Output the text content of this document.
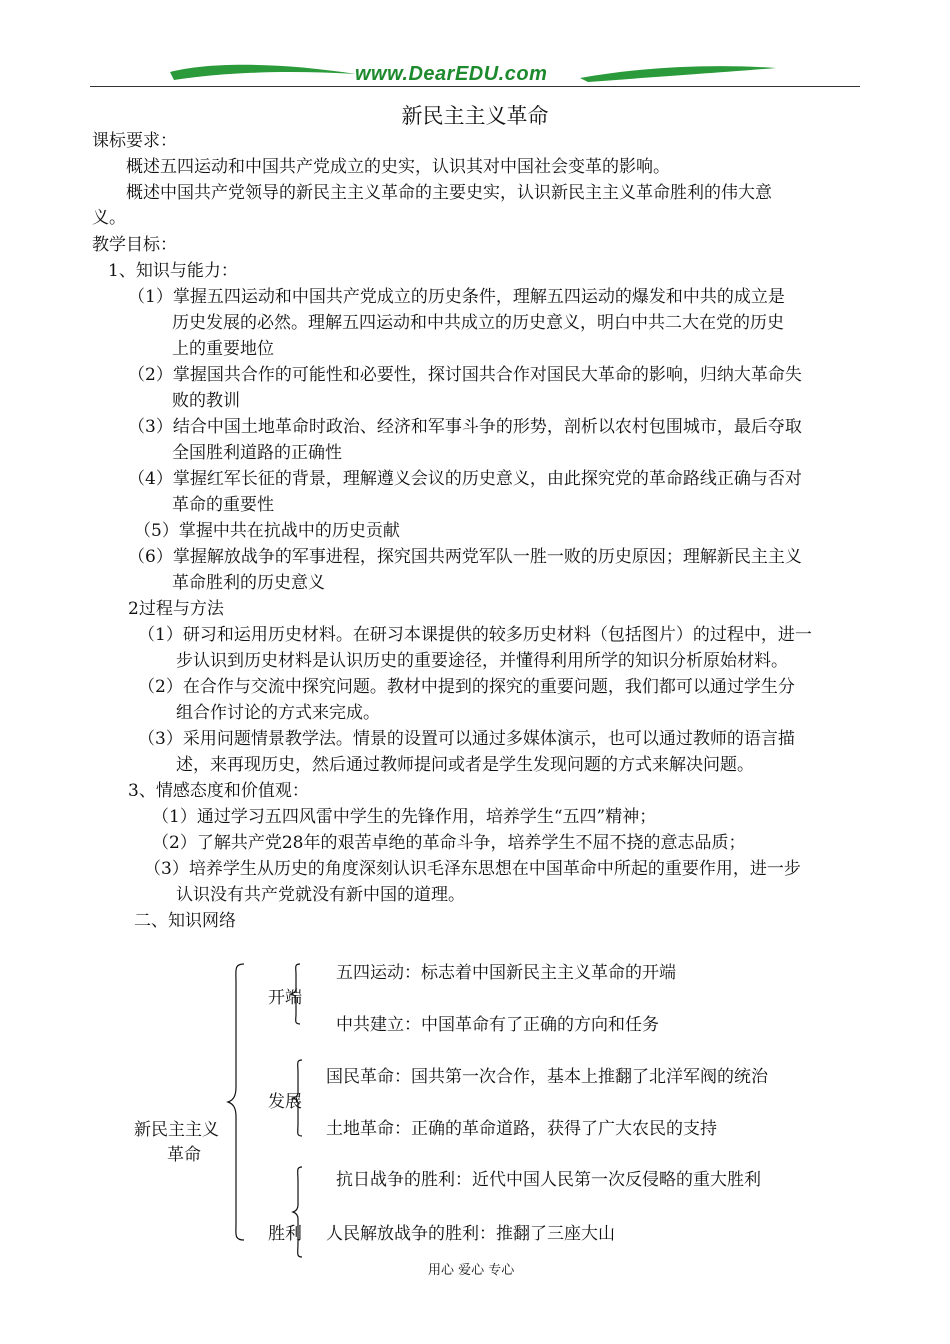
www.DearEDU.com
新民主主义革命
课标要求：
概述五四运动和中国共产党成立的史实，认识其对中国社会变革的影响。
概述中国共产党领导的新民主主义革命的主要史实，认识新民主主义革命胜利的伟大意
义。
教学目标：
1、知识与能力：
（1）掌握五四运动和中国共产党成立的历史条件，理解五四运动的爆发和中共的成立是
历史发展的必然。理解五四运动和中共成立的历史意义，明白中共二大在党的历史
上的重要地位
（2）掌握国共合作的可能性和必要性，探讨国共合作对国民大革命的影响，归纳大革命失
败的教训
（3）结合中国土地革命时政治、经济和军事斗争的形势，剖析以农村包围城市，最后夺取
全国胜利道路的正确性
（4）掌握红军长征的背景，理解遵义会议的历史意义，由此探究党的革命路线正确与否对
革命的重要性
（5）掌握中共在抗战中的历史贡献
（6）掌握解放战争的军事进程，探究国共两党军队一胜一败的历史原因；理解新民主主义
革命胜利的历史意义
2过程与方法
（1）研习和运用历史材料。在研习本课提供的较多历史材料（包括图片）的过程中，进一
步认识到历史材料是认识历史的重要途径，并懂得利用所学的知识分析原始材料。
（2）在合作与交流中探究问题。教材中提到的探究的重要问题，我们都可以通过学生分
组合作讨论的方式来完成。
（3）采用问题情景教学法。情景的设置可以通过多媒体演示，也可以通过教师的语言描
述，来再现历史，然后通过教师提问或者是学生发现问题的方式来解决问题。
3、情感态度和价值观：
（1）通过学习五四风雷中学生的先锋作用，培养学生“五四”精神；
（2）了解共产党28年的艰苦卓绝的革命斗争，培养学生不屈不挠的意志品质；
（3）培养学生从历史的角度深刻认识毛泽东思想在中国革命中所起的重要作用，进一步
认识没有共产党就没有新中国的道理。
二、知识网络
新民主主义
革命
开端
五四运动：标志着中国新民主主义革命的开端
中共建立：中国革命有了正确的方向和任务
发展
国民革命：国共第一次合作，基本上推翻了北洋军阀的统治
土地革命：正确的革命道路，获得了广大农民的支持
胜利
抗日战争的胜利：近代中国人民第一次反侵略的重大胜利
人民解放战争的胜利：推翻了三座大山
用心 爱心 专心
